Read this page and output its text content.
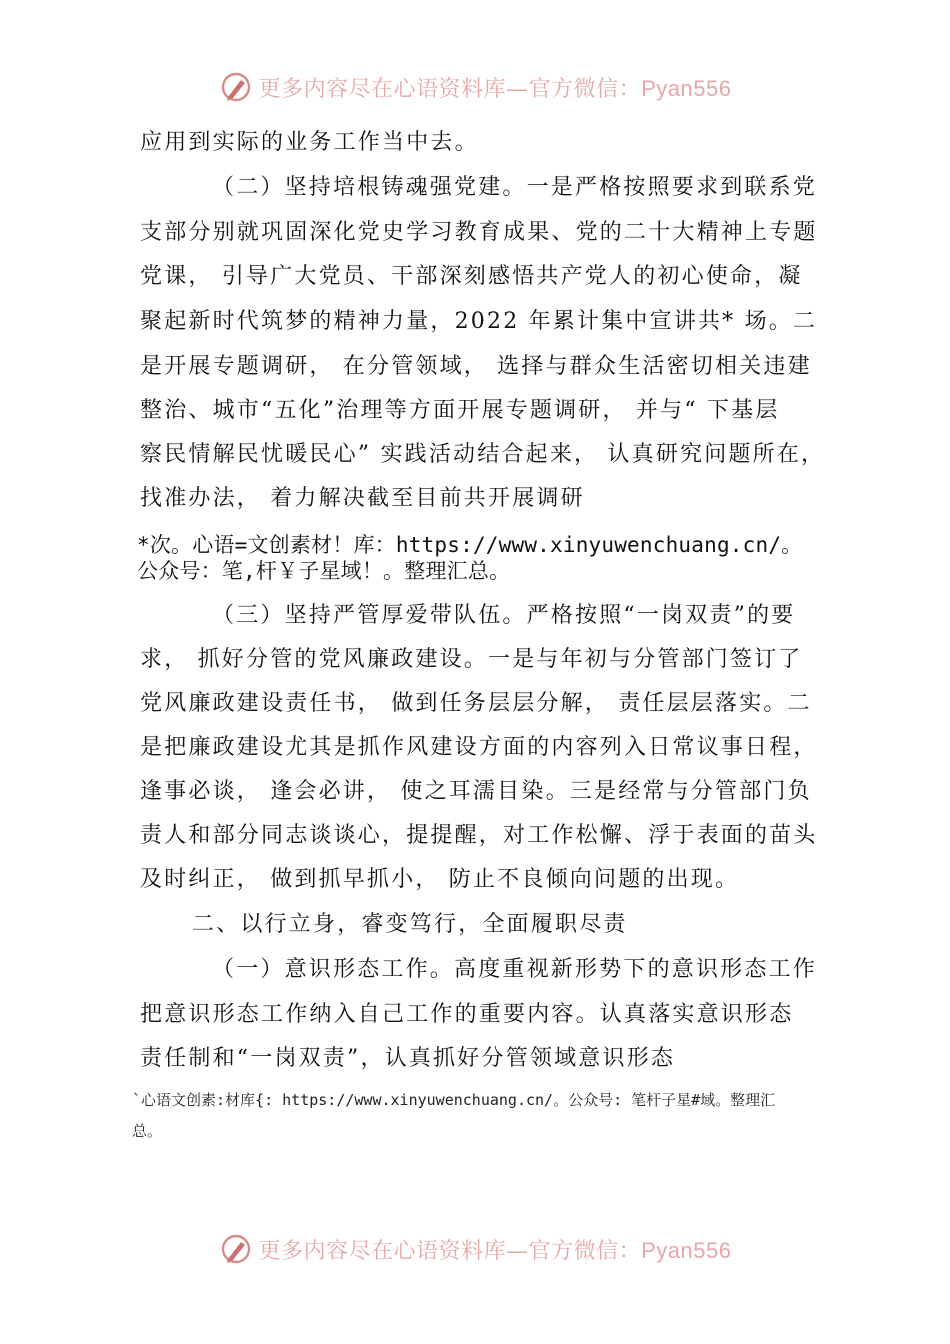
更多内容尽在心语资料库—官方微信：Pyan556
应用到实际的业务工作当中去。
（二）坚持培根铸魂强党建。一是严格按照要求到联系党
支部分别就巩固深化党史学习教育成果、党的二十大精神上专题
党课， 引导广大党员、干部深刻感悟共产党人的初心使命，凝
聚起新时代筑梦的精神力量，2022 年累计集中宣讲共* 场。二
是开展专题调研， 在分管领域， 选择与群众生活密切相关违建
整治、城市“五化”治理等方面开展专题调研， 并与“ 下基层
察民情解民忧暖民心” 实践活动结合起来， 认真研究问题所在，
找准办法， 着力解决截至目前共开展调研
*次。心语=文创素材！库：https://www.xinyuwenchuang.cn/。
公众号：笔,杆￥子星域！。整理汇总。
（三）坚持严管厚爱带队伍。严格按照“一岗双责”的要
求， 抓好分管的党风廉政建设。一是与年初与分管部门签订了
党风廉政建设责任书， 做到任务层层分解， 责任层层落实。二
是把廉政建设尤其是抓作风建设方面的内容列入日常议事日程，
逢事必谈， 逢会必讲， 使之耳濡目染。三是经常与分管部门负
责人和部分同志谈谈心，提提醒，对工作松懈、浮于表面的苗头
及时纠正， 做到抓早抓小， 防止不良倾向问题的出现。
二、以行立身，睿变笃行，全面履职尽责
（一）意识形态工作。高度重视新形势下的意识形态工作
把意识形态工作纳入自己工作的重要内容。认真落实意识形态
责任制和“一岗双责”，认真抓好分管领域意识形态
`心语文创素:材库{: https://www.xinyuwenchuang.cn/。公众号: 笔杆子星#域。整理汇
总。
更多内容尽在心语资料库—官方微信：Pyan556
